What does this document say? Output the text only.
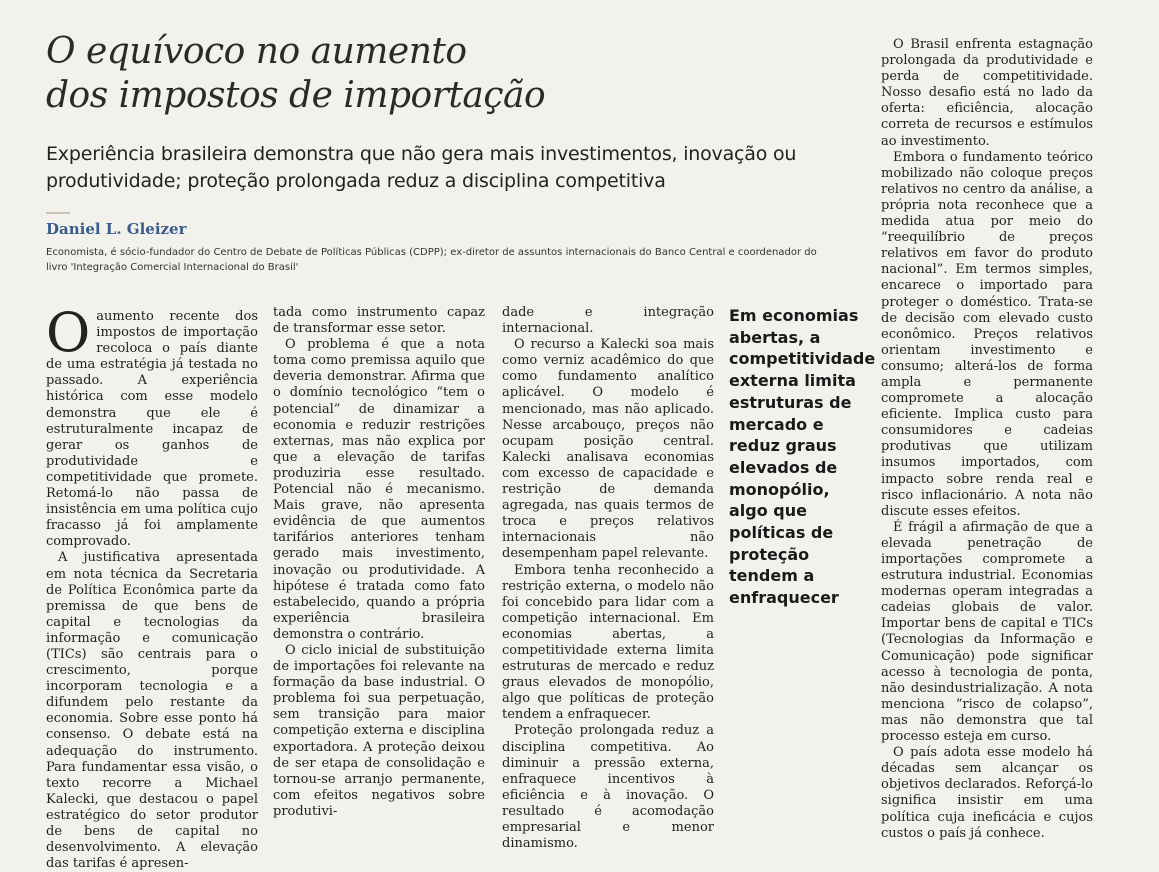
O equívoco no aumento
dos impostos de importação
Experiência brasileira demonstra que não gera mais investimentos, inovação ou produtividade; proteção prolongada reduz a disciplina competitiva
Daniel L. Gleizer
Economista, é sócio-fundador do Centro de Debate de Políticas Públicas (CDPP); ex-diretor de assuntos internacionais do Banco Central e coordenador do livro 'Integração Comercial Internacional do Brasil'

Oaumento recente dos impostos de importação recoloca o país diante de uma estratégia já testada no passado. A experiência histórica com esse modelo demonstra que ele é estruturalmente incapaz de gerar os ganhos de produtividade e competitividade que promete. Retomá-lo não passa de insistência em uma política cujo fracasso já foi amplamente comprovado.

A justificativa apresentada em nota técnica da Secretaria de Política Econômica parte da premissa de que bens de capital e tecnologias da informação e comunicação (TICs) são centrais para o crescimento, porque incorporam tecnologia e a difundem pelo restante da economia. Sobre esse ponto há consenso. O debate está na adequação do instrumento. Para fundamentar essa visão, o texto recorre a Michael Kalecki, que destacou o papel estratégico do setor produtor de bens de capital no desenvolvimento. A elevação das tarifas é apresen-

tada como instrumento capaz de transformar esse setor.

O problema é que a nota toma como premissa aquilo que deveria demonstrar. Afirma que o domínio tecnológico “tem o potencial” de dinamizar a economia e reduzir restrições externas, mas não explica por que a elevação de tarifas produziria esse resultado. Potencial não é mecanismo. Mais grave, não apresenta evidência de que aumentos tarifários anteriores tenham gerado mais investimento, inovação ou produtividade. A hipótese é tratada como fato estabelecido, quando a própria experiência brasileira demonstra o contrário.

O ciclo inicial de substituição de importações foi relevante na formação da base industrial. O problema foi sua perpetuação, sem transição para maior competição externa e disciplina exportadora. A proteção deixou de ser etapa de consolidação e tornou-se arranjo permanente, com efeitos negativos sobre produtivi-

dade e integração internacional.

O recurso a Kalecki soa mais como verniz acadêmico do que como fundamento analítico aplicável. O modelo é mencionado, mas não aplicado. Nesse arcabouço, preços não ocupam posição central. Kalecki analisava economias com excesso de capacidade e restrição de demanda agregada, nas quais termos de troca e preços relativos internacionais não desempenham papel relevante.

Embora tenha reconhecido a restrição externa, o modelo não foi concebido para lidar com a competição internacional. Em economias abertas, a competitividade externa limita estruturas de mercado e reduz graus elevados de monopólio, algo que políticas de proteção tendem a enfraquecer.

Proteção prolongada reduz a disciplina competitiva. Ao diminuir a pressão externa, enfraquece incentivos à eficiência e à inovação. O resultado é acomodação empresarial e menor dinamismo.

Em economias abertas, a competitividade externa limita estruturas de mercado e reduz graus elevados de monopólio, algo que políticas de proteção tendem a enfraquecer

O Brasil enfrenta estagnação prolongada da produtividade e perda de competitividade. Nosso desafio está no lado da oferta: eficiência, alocação correta de recursos e estímulos ao investimento.

Embora o fundamento teórico mobilizado não coloque preços relativos no centro da análise, a própria nota reconhece que a medida atua por meio do “reequilíbrio de preços relativos em favor do produto nacional”. Em termos simples, encarece o importado para proteger o doméstico. Trata-se de decisão com elevado custo econômico. Preços relativos orientam investimento e consumo; alterá-los de forma ampla e permanente compromete a alocação eficiente. Implica custo para consumidores e cadeias produtivas que utilizam insumos importados, com impacto sobre renda real e risco inflacionário. A nota não discute esses efeitos.

É frágil a afirmação de que a elevada penetração de importações compromete a estrutura industrial. Economias modernas operam integradas a cadeias globais de valor. Importar bens de capital e TICs (Tecnologias da Informação e Comunicação) pode significar acesso à tecnologia de ponta, não desindustrialização. A nota menciona “risco de colapso”, mas não demonstra que tal processo esteja em curso.

O país adota esse modelo há décadas sem alcançar os objetivos declarados. Reforçá-lo significa insistir em uma política cuja ineficácia e cujos custos o país já conhece.
